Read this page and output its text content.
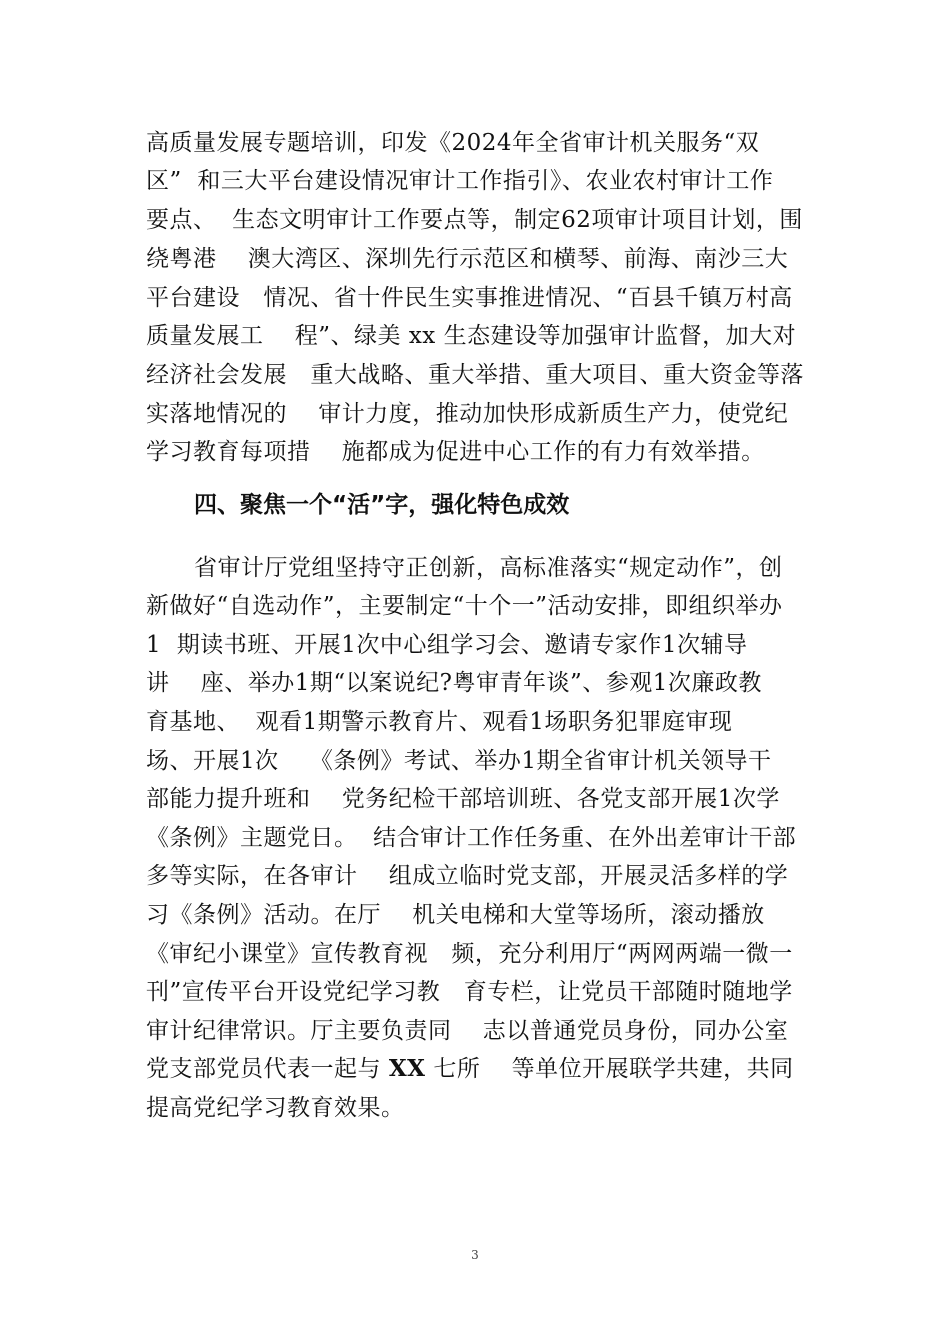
高质量发展专题培训，印发《2024年全省审计机关服务“双
区”  和三大平台建设情况审计工作指引》、农业农村审计工作
要点、  生态文明审计工作要点等，制定62项审计项目计划，围
绕粤港    澳大湾区、深圳先行示范区和横琴、前海、南沙三大
平台建设   情况、省十件民生实事推进情况、“百县千镇万村高
质量发展工    程”、绿美 xx 生态建设等加强审计监督，加大对
经济社会发展   重大战略、重大举措、重大项目、重大资金等落
实落地情况的    审计力度，推动加快形成新质生产力，使党纪
学习教育每项措    施都成为促进中心工作的有力有效举措。
四、聚焦一个“活”字，强化特色成效
省审计厅党组坚持守正创新，高标准落实“规定动作”，创
新做好“自选动作”，主要制定“十个一”活动安排，即组织举办
1  期读书班、开展1次中心组学习会、邀请专家作1次辅导
讲    座、举办1期“以案说纪?粤审青年谈”、参观1次廉政教
育基地、  观看1期警示教育片、观看1场职务犯罪庭审现
场、开展1次    《条例》考试、举办1期全省审计机关领导干
部能力提升班和    党务纪检干部培训班、各党支部开展1次学
《条例》主题党日。  结合审计工作任务重、在外出差审计干部
多等实际，在各审计    组成立临时党支部，开展灵活多样的学
习《条例》活动。在厅    机关电梯和大堂等场所，滚动播放
《审纪小课堂》宣传教育视   频，充分利用厅“两网两端一微一
刊”宣传平台开设党纪学习教   育专栏，让党员干部随时随地学
审计纪律常识。厅主要负责同    志以普通党员身份，同办公室
党支部党员代表一起与 XX 七所    等单位开展联学共建，共同
提高党纪学习教育效果。
3
